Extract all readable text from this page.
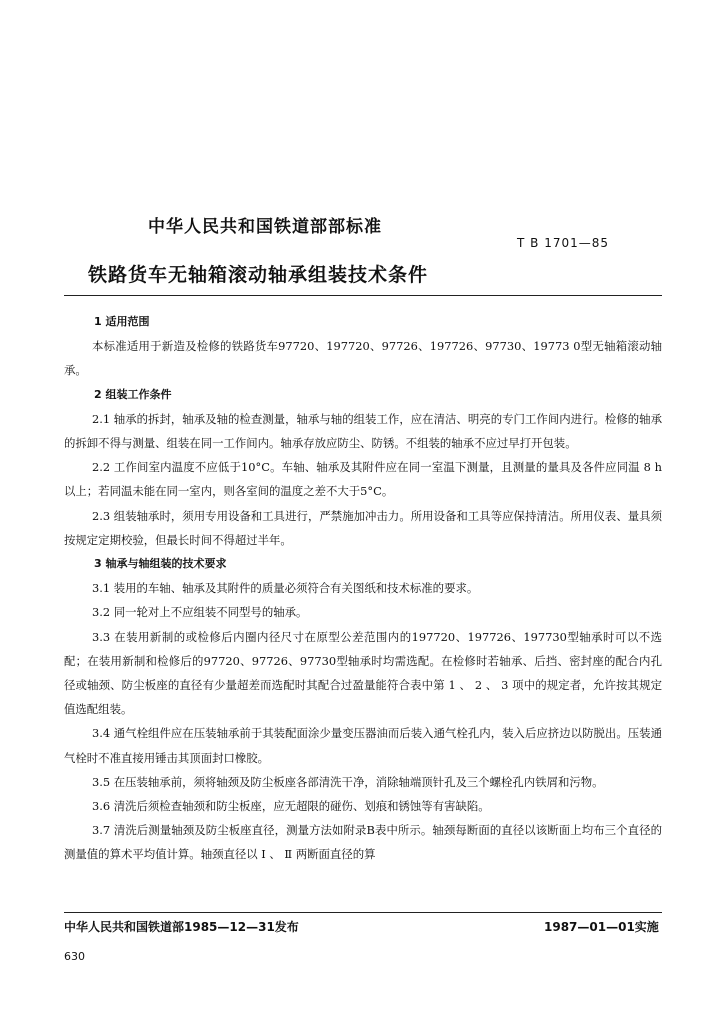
中华人民共和国铁道部部标准
T B 1701—85
铁路货车无轴箱滚动轴承组装技术条件

1 适用范围

本标准适用于新造及检修的铁路货车97720、197720、97726、197726、97730、19773 0型无轴箱滚动轴承。

2 组装工作条件

2.1 轴承的拆封，轴承及轴的检查测量，轴承与轴的组装工作，应在清洁、明亮的专门工作间内进行。检修的轴承的拆卸不得与测量、组装在同一工作间内。轴承存放应防尘、防锈。不组装的轴承不应过早打开包装。

2.2 工作间室内温度不应低于10°C。车轴、轴承及其附件应在同一室温下测量，且测量的量具及各件应同温 8 h 以上；若同温未能在同一室内，则各室间的温度之差不大于5°C。

2.3 组装轴承时，须用专用设备和工具进行，严禁施加冲击力。所用设备和工具等应保持清洁。所用仪表、量具须按规定定期校验，但最长时间不得超过半年。

3 轴承与轴组装的技术要求

3.1 装用的车轴、轴承及其附件的质量必须符合有关图纸和技术标准的要求。

3.2 同一轮对上不应组装不同型号的轴承。

3.3 在装用新制的或检修后内圈内径尺寸在原型公差范围内的197720、197726、197730型轴承时可以不选配；在装用新制和检修后的97720、97726、97730型轴承时均需选配。在检修时若轴承、后挡、密封座的配合内孔径或轴颈、防尘板座的直径有少量超差而选配时其配合过盈量能符合表中第 1 、 2 、 3 项中的规定者，允许按其规定值选配组装。

3.4 通气栓组件应在压装轴承前于其装配面涂少量变压器油而后装入通气栓孔内，装入后应挤边以防脱出。压装通气栓时不准直接用锤击其顶面封口橡胶。

3.5 在压装轴承前，须将轴颈及防尘板座各部清洗干净，消除轴端顶针孔及三个螺栓孔内铁屑和污物。

3.6 清洗后须检查轴颈和防尘板座，应无超限的碰伤、划痕和锈蚀等有害缺陷。

3.7 清洗后测量轴颈及防尘板座直径，测量方法如附录B表中所示。轴颈每断面的直径以该断面上均布三个直径的测量值的算术平均值计算。轴颈直径以 Ⅰ 、 Ⅱ 两断面直径的算

中华人民共和国铁道部1985—12—31发布	1987—01—01实施
630
